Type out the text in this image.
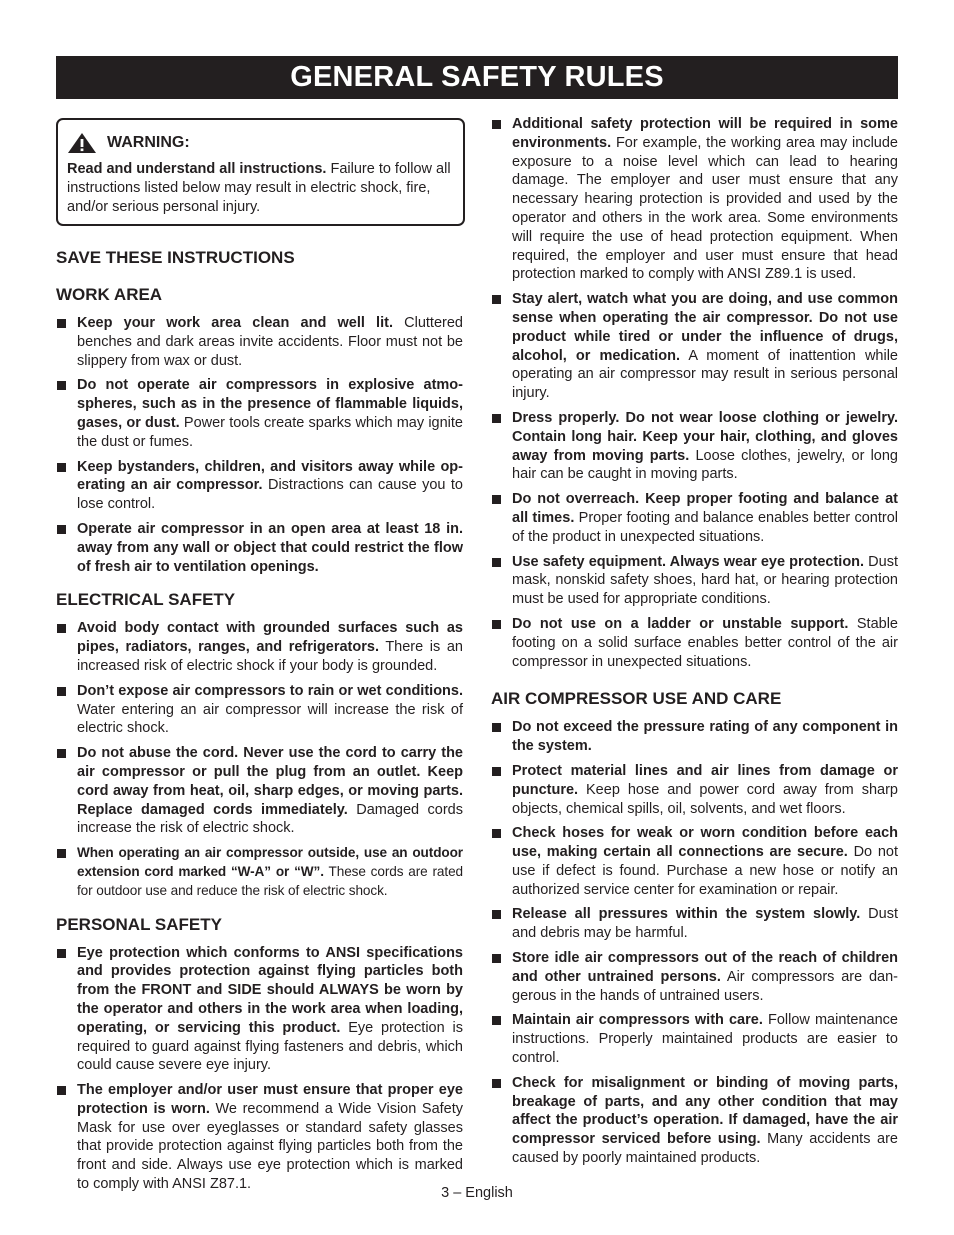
GENERAL SAFETY RULES
WARNING:

Read and understand all instructions. Failure to follow all instructions listed below may result in electric shock, fire, and/or serious personal injury.

SAVE THESE INSTRUCTIONS
WORK AREA
Keep your work area clean and well lit. Cluttered benches and dark areas invite accidents. Floor must not be slippery from wax or dust.
Do not operate air compressors in explosive atmospheres, such as in the presence of flammable liquids, gases, or dust. Power tools create sparks which may ignite the dust or fumes.
Keep bystanders, children, and visitors away while operating an air compressor. Distractions can cause you to lose control.
Operate air compressor in an open area at least 18 in. away from any wall or object that could restrict the flow of fresh air to ventilation openings.
ELECTRICAL SAFETY
Avoid body contact with grounded surfaces such as pipes, radiators, ranges, and refrigerators. There is an increased risk of electric shock if your body is grounded.
Don’t expose air compressors to rain or wet conditions. Water entering an air compressor will increase the risk of electric shock.
Do not abuse the cord. Never use the cord to carry the air compressor or pull the plug from an outlet. Keep cord away from heat, oil, sharp edges, or moving parts. Replace damaged cords immediately. Damaged cords increase the risk of electric shock.
When operating an air compressor outside, use an outdoor extension cord marked “W-A” or “W”. These cords are rated for outdoor use and reduce the risk of electric shock.
PERSONAL SAFETY
Eye protection which conforms to ANSI specifications and provides protection against flying particles both from the FRONT and SIDE should ALWAYS be worn by the operator and others in the work area when loading, operating, or servicing this product. Eye protection is required to guard against flying fasteners and debris, which could cause severe eye injury.
The employer and/or user must ensure that proper eye protection is worn. We recommend a Wide Vision Safety Mask for use over eyeglasses or standard safety glasses that provide protection against flying particles both from the front and side. Always use eye protection which is marked to comply with ANSI Z87.1.
Additional safety protection will be required in some environments. For example, the working area may include exposure to a noise level which can lead to hearing damage. The employer and user must ensure that any necessary hearing protection is provided and used by the operator and others in the work area. Some environments will require the use of head protection equipment. When required, the employer and user must ensure that head protection marked to comply with ANSI Z89.1 is used.
Stay alert, watch what you are doing, and use common sense when operating the air compressor. Do not use product while tired or under the influence of drugs, alcohol, or medication. A moment of inattention while operating an air compressor may result in serious personal injury.
Dress properly. Do not wear loose clothing or jewelry. Contain long hair. Keep your hair, clothing, and gloves away from moving parts. Loose clothes, jewelry, or long hair can be caught in moving parts.
Do not overreach. Keep proper footing and balance at all times. Proper footing and balance enables better control of the product in unexpected situations.
Use safety equipment. Always wear eye protection. Dust mask, nonskid safety shoes, hard hat, or hearing protection must be used for appropriate conditions.
Do not use on a ladder or unstable support. Stable footing on a solid surface enables better control of the air compressor in unexpected situations.
AIR COMPRESSOR USE AND CARE
Do not exceed the pressure rating of any component in the system.
Protect material lines and air lines from damage or puncture. Keep hose and power cord away from sharp objects, chemical spills, oil, solvents, and wet floors.
Check hoses for weak or worn condition before each use, making certain all connections are secure. Do not use if defect is found. Purchase a new hose or notify an authorized service center for examination or repair.
Release all pressures within the system slowly. Dust and debris may be harmful.
Store idle air compressors out of the reach of children and other untrained persons. Air compressors are dangerous in the hands of untrained users.
Maintain air compressors with care. Follow maintenance instructions. Properly maintained products are easier to control.
Check for misalignment or binding of moving parts, breakage of parts, and any other condition that may affect the product’s operation. If damaged, have the air compressor serviced before using. Many accidents are caused by poorly maintained products.
3 – English
